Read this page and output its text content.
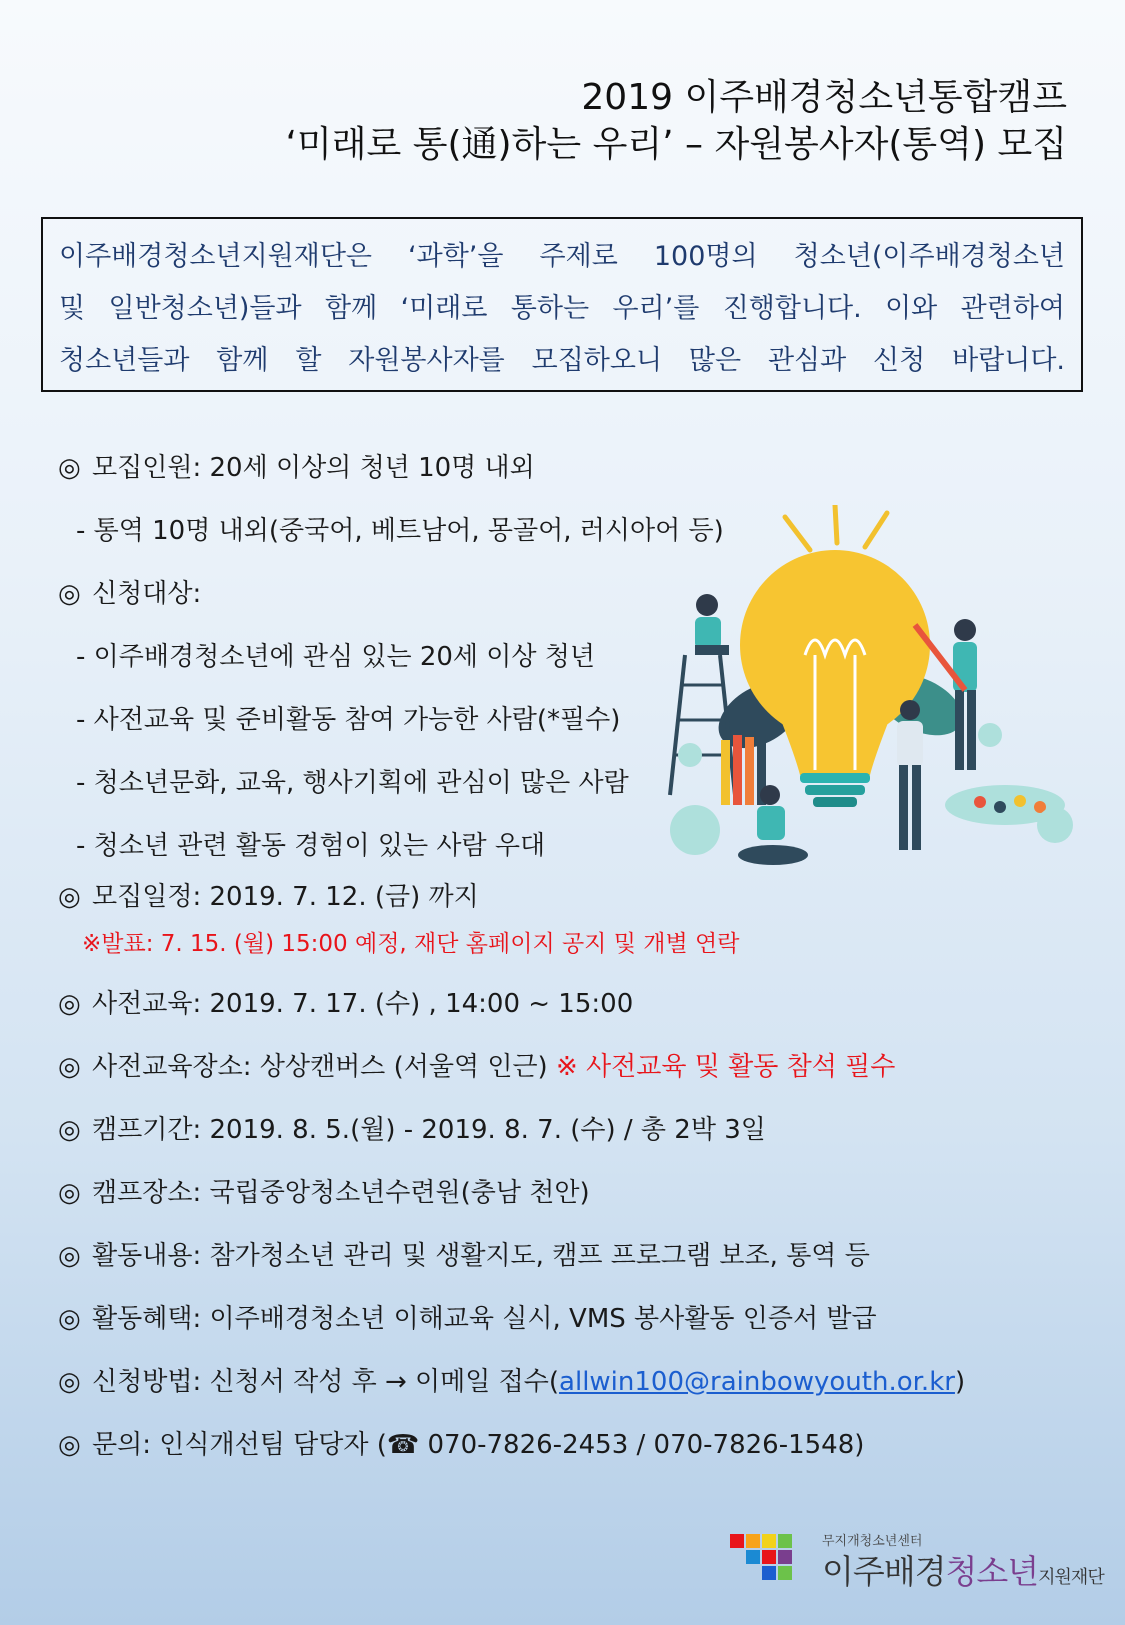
2019 이주배경청소년통합캠프
‘미래로 통(通)하는 우리’ – 자원봉사자(통역) 모집
이주배경청소년지원재단은 ‘과학’을 주제로 100명의 청소년(이주배경청소년
및 일반청소년)들과 함께 ‘미래로 통하는 우리’를 진행합니다. 이와 관련하여
청소년들과 함께 할 자원봉사자를 모집하오니 많은 관심과 신청 바랍니다.
◎ 모집인원: 20세 이상의 청년 10명 내외
- 통역 10명 내외(중국어, 베트남어, 몽골어, 러시아어 등)
◎ 신청대상:
- 이주배경청소년에 관심 있는 20세 이상 청년
- 사전교육 및 준비활동 참여 가능한 사람(*필수)
- 청소년문화, 교육, 행사기획에 관심이 많은 사람
- 청소년 관련 활동 경험이 있는 사람 우대
◎ 모집일정: 2019. 7. 12. (금) 까지
※발표: 7. 15. (월) 15:00 예정, 재단 홈페이지 공지 및 개별 연락
◎ 사전교육: 2019. 7. 17. (수) , 14:00 ~ 15:00
◎ 사전교육장소: 상상캔버스 (서울역 인근) ※ 사전교육 및 활동 참석 필수
◎ 캠프기간: 2019. 8. 5.(월) - 2019. 8. 7. (수) / 총 2박 3일
◎ 캠프장소: 국립중앙청소년수련원(충남 천안)
◎ 활동내용: 참가청소년 관리 및 생활지도, 캠프 프로그램 보조, 통역 등
◎ 활동혜택: 이주배경청소년 이해교육 실시, VMS 봉사활동 인증서 발급
◎ 신청방법: 신청서 작성 후 → 이메일 접수(allwin100@rainbowyouth.or.kr)
◎ 문의: 인식개선팀 담당자 (☎ 070-7826-2453 / 070-7826-1548)
무지개청소년센터
이주배경청소년지원재단
